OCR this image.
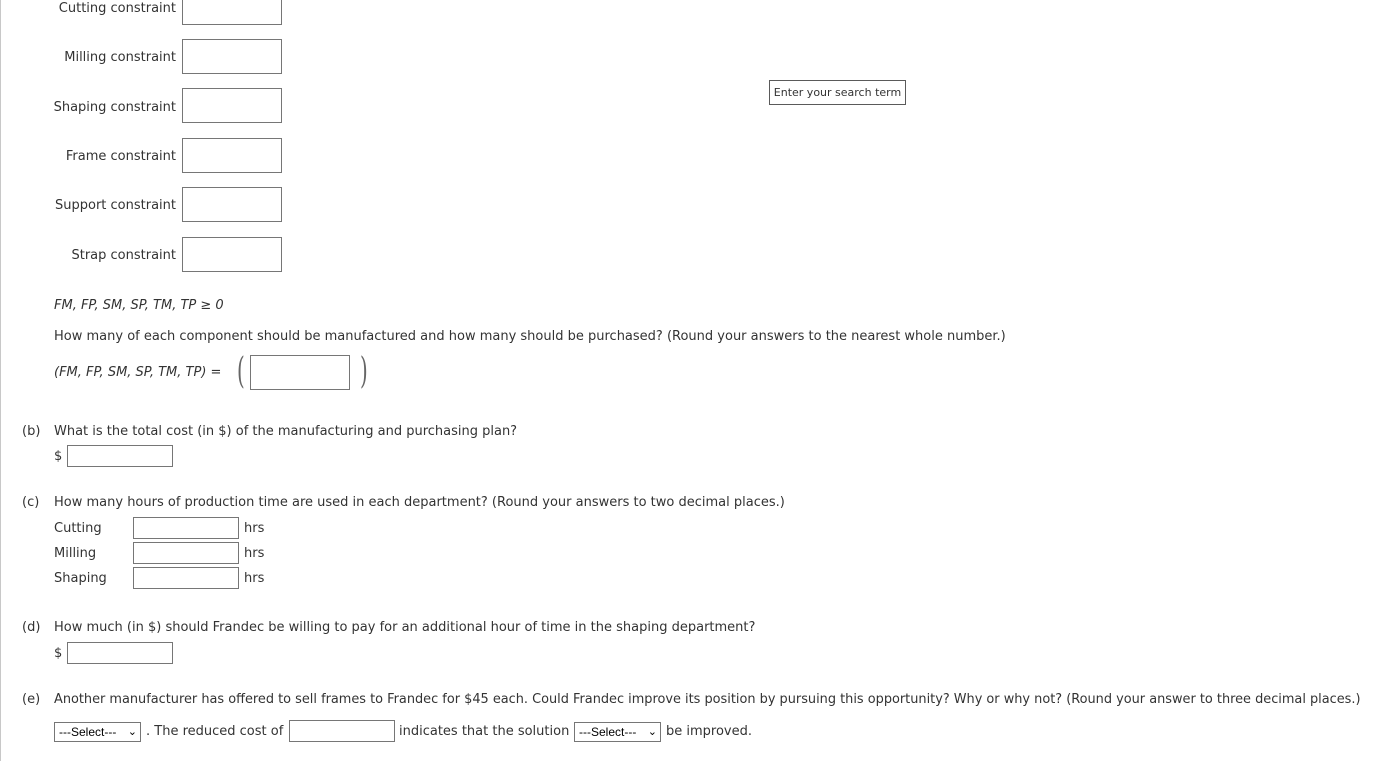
Cutting constraint
Milling constraint
Shaping constraint
Frame constraint
Support constraint
Strap constraint
Enter your search term
FM, FP, SM, SP, TM, TP ≥ 0
How many of each component should be manufactured and how many should be purchased? (Round your answers to the nearest whole number.)
(FM, FP, SM, SP, TM, TP) = (	)
(b) What is the total cost (in $) of the manufacturing and purchasing plan?
$
(c) How many hours of production time are used in each department? (Round your answers to two decimal places.)
Cutting	hrs
Milling	hrs
Shaping	hrs
(d) How much (in $) should Frandec be willing to pay for an additional hour of time in the shaping department?
$
(e) Another manufacturer has offered to sell frames to Frandec for $45 each. Could Frandec improve its position by pursuing this opportunity? Why or why not? (Round your answer to three decimal places.)
---Select--- ⌄ . The reduced cost of	indicates that the solution ---Select--- ⌄ be improved.
